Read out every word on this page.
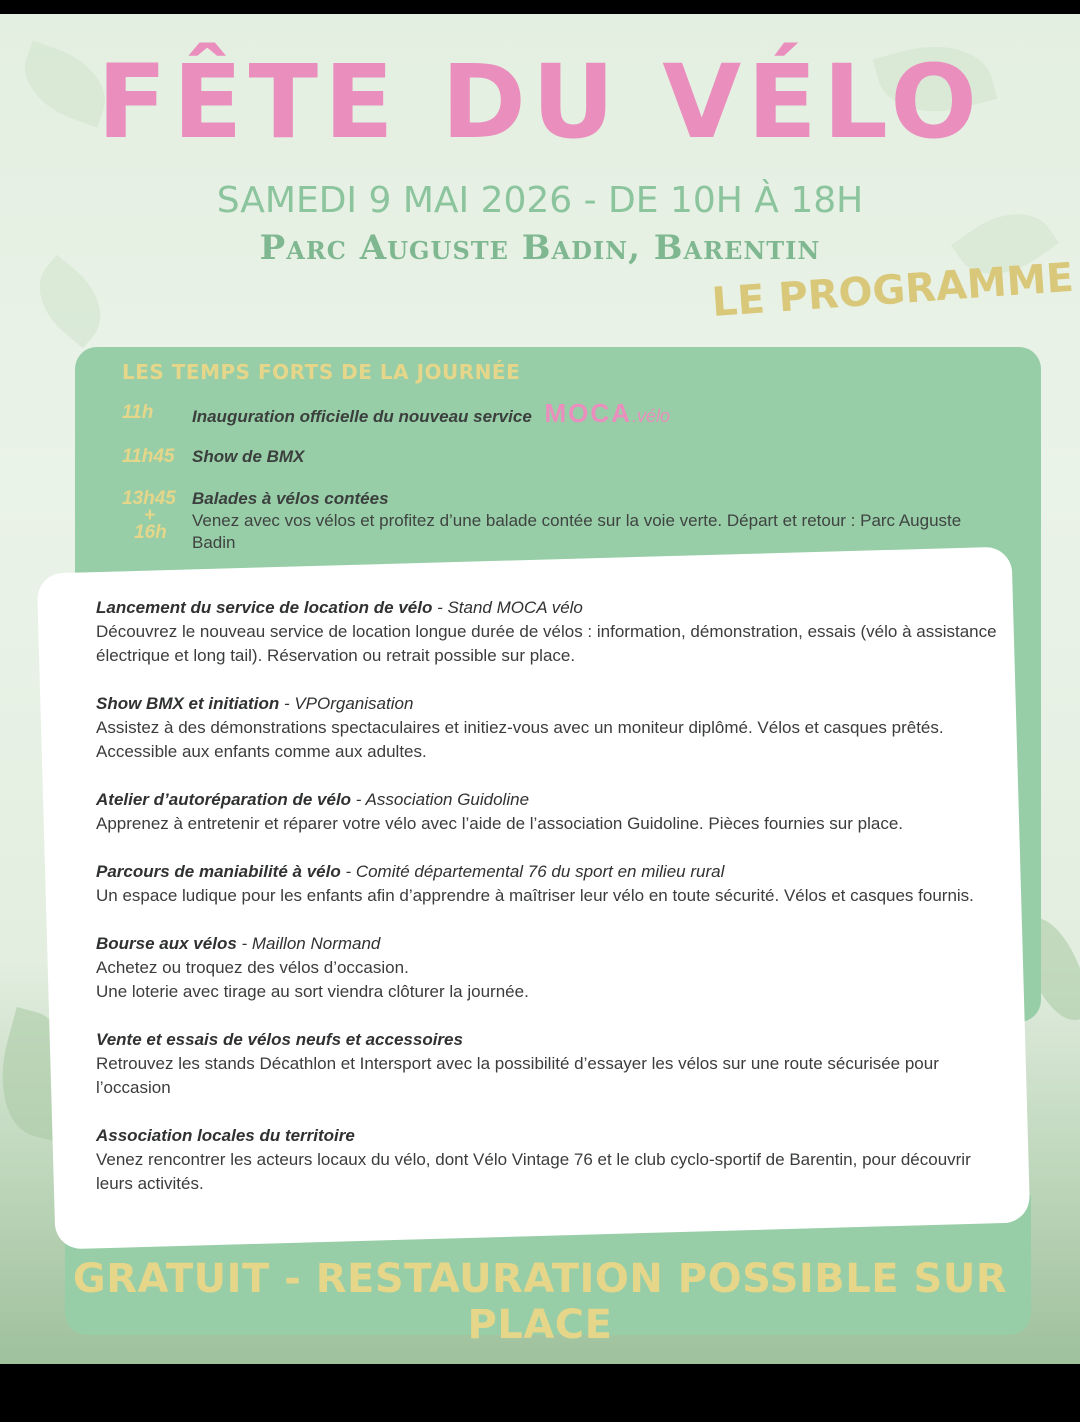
FÊTE DU VÉLO
SAMEDI 9 MAI 2026 - DE 10H À 18H
Parc Auguste Badin, Barentin
LE PROGRAMME
LES TEMPS FORTS DE LA JOURNÉE
11h	Inauguration officielle du nouveau service MOCA.vélo
11h45	Show de BMX
13h45
+
16h
Balades à vélos contées
Venez avec vos vélos et profitez d’une balade contée sur la voie verte. Départ et retour : Parc Auguste Badin
Lancement du service de location de vélo - Stand MOCA vélo
Découvrez le nouveau service de location longue durée de vélos : information, démonstration, essais (vélo à assistance électrique et long tail). Réservation ou retrait possible sur place.
Show BMX et initiation - VPOrganisation
Assistez à des démonstrations spectaculaires et initiez-vous avec un moniteur diplômé. Vélos et casques prêtés. Accessible aux enfants comme aux adultes.
Atelier d’autoréparation de vélo - Association Guidoline
Apprenez à entretenir et réparer votre vélo avec l’aide de l’association Guidoline. Pièces fournies sur place.
Parcours de maniabilité à vélo - Comité départemental 76 du sport en milieu rural
Un espace ludique pour les enfants afin d’apprendre à maîtriser leur vélo en toute sécurité. Vélos et casques fournis.
Bourse aux vélos - Maillon Normand
Achetez ou troquez des vélos d’occasion.
Une loterie avec tirage au sort viendra clôturer la journée.
Vente et essais de vélos neufs et accessoires
Retrouvez les stands Décathlon et Intersport avec la possibilité d’essayer les vélos sur une route sécurisée pour l’occasion
Association locales du territoire
Venez rencontrer les acteurs locaux du vélo, dont Vélo Vintage 76 et le club cyclo-sportif de Barentin, pour découvrir leurs activités.
GRATUIT - RESTAURATION POSSIBLE SUR PLACE
